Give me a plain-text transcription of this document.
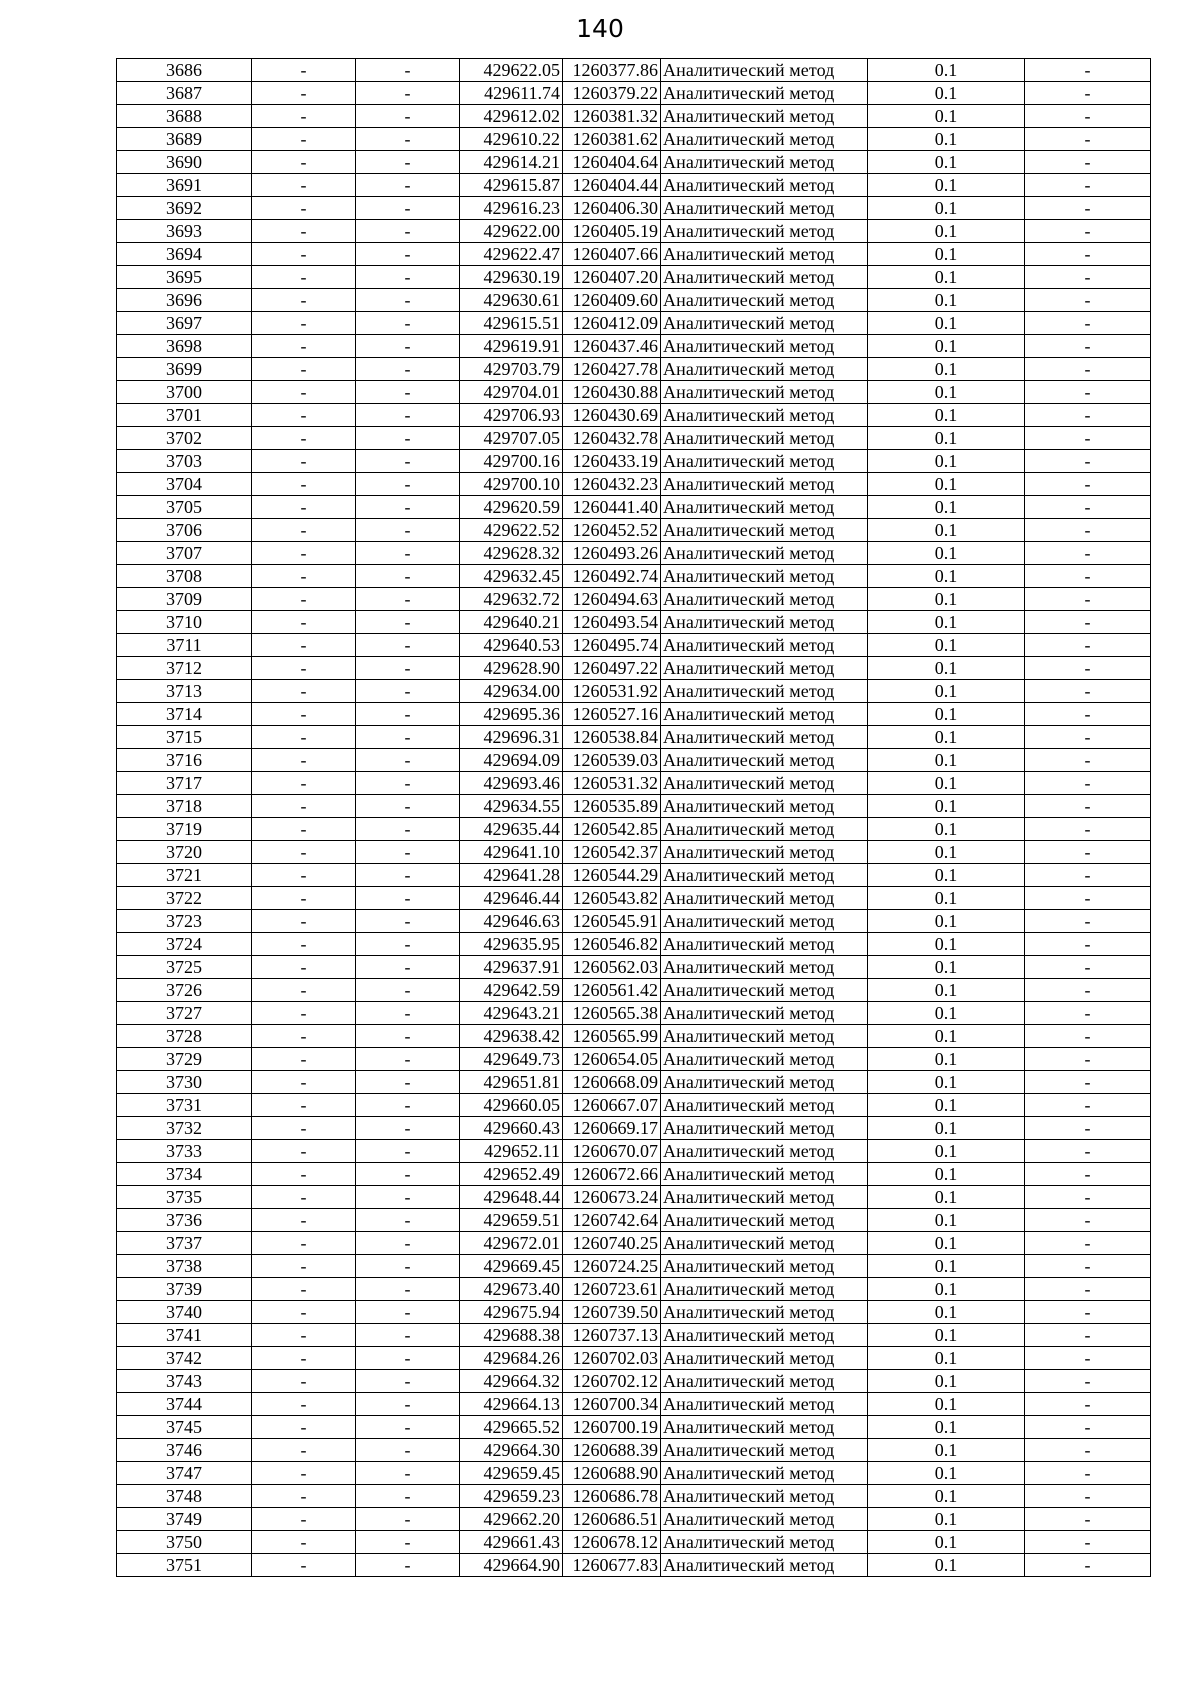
140
3686	-	-	429622.05	1260377.86	Аналитический метод	0.1	-
3687	-	-	429611.74	1260379.22	Аналитический метод	0.1	-
3688	-	-	429612.02	1260381.32	Аналитический метод	0.1	-
3689	-	-	429610.22	1260381.62	Аналитический метод	0.1	-
3690	-	-	429614.21	1260404.64	Аналитический метод	0.1	-
3691	-	-	429615.87	1260404.44	Аналитический метод	0.1	-
3692	-	-	429616.23	1260406.30	Аналитический метод	0.1	-
3693	-	-	429622.00	1260405.19	Аналитический метод	0.1	-
3694	-	-	429622.47	1260407.66	Аналитический метод	0.1	-
3695	-	-	429630.19	1260407.20	Аналитический метод	0.1	-
3696	-	-	429630.61	1260409.60	Аналитический метод	0.1	-
3697	-	-	429615.51	1260412.09	Аналитический метод	0.1	-
3698	-	-	429619.91	1260437.46	Аналитический метод	0.1	-
3699	-	-	429703.79	1260427.78	Аналитический метод	0.1	-
3700	-	-	429704.01	1260430.88	Аналитический метод	0.1	-
3701	-	-	429706.93	1260430.69	Аналитический метод	0.1	-
3702	-	-	429707.05	1260432.78	Аналитический метод	0.1	-
3703	-	-	429700.16	1260433.19	Аналитический метод	0.1	-
3704	-	-	429700.10	1260432.23	Аналитический метод	0.1	-
3705	-	-	429620.59	1260441.40	Аналитический метод	0.1	-
3706	-	-	429622.52	1260452.52	Аналитический метод	0.1	-
3707	-	-	429628.32	1260493.26	Аналитический метод	0.1	-
3708	-	-	429632.45	1260492.74	Аналитический метод	0.1	-
3709	-	-	429632.72	1260494.63	Аналитический метод	0.1	-
3710	-	-	429640.21	1260493.54	Аналитический метод	0.1	-
3711	-	-	429640.53	1260495.74	Аналитический метод	0.1	-
3712	-	-	429628.90	1260497.22	Аналитический метод	0.1	-
3713	-	-	429634.00	1260531.92	Аналитический метод	0.1	-
3714	-	-	429695.36	1260527.16	Аналитический метод	0.1	-
3715	-	-	429696.31	1260538.84	Аналитический метод	0.1	-
3716	-	-	429694.09	1260539.03	Аналитический метод	0.1	-
3717	-	-	429693.46	1260531.32	Аналитический метод	0.1	-
3718	-	-	429634.55	1260535.89	Аналитический метод	0.1	-
3719	-	-	429635.44	1260542.85	Аналитический метод	0.1	-
3720	-	-	429641.10	1260542.37	Аналитический метод	0.1	-
3721	-	-	429641.28	1260544.29	Аналитический метод	0.1	-
3722	-	-	429646.44	1260543.82	Аналитический метод	0.1	-
3723	-	-	429646.63	1260545.91	Аналитический метод	0.1	-
3724	-	-	429635.95	1260546.82	Аналитический метод	0.1	-
3725	-	-	429637.91	1260562.03	Аналитический метод	0.1	-
3726	-	-	429642.59	1260561.42	Аналитический метод	0.1	-
3727	-	-	429643.21	1260565.38	Аналитический метод	0.1	-
3728	-	-	429638.42	1260565.99	Аналитический метод	0.1	-
3729	-	-	429649.73	1260654.05	Аналитический метод	0.1	-
3730	-	-	429651.81	1260668.09	Аналитический метод	0.1	-
3731	-	-	429660.05	1260667.07	Аналитический метод	0.1	-
3732	-	-	429660.43	1260669.17	Аналитический метод	0.1	-
3733	-	-	429652.11	1260670.07	Аналитический метод	0.1	-
3734	-	-	429652.49	1260672.66	Аналитический метод	0.1	-
3735	-	-	429648.44	1260673.24	Аналитический метод	0.1	-
3736	-	-	429659.51	1260742.64	Аналитический метод	0.1	-
3737	-	-	429672.01	1260740.25	Аналитический метод	0.1	-
3738	-	-	429669.45	1260724.25	Аналитический метод	0.1	-
3739	-	-	429673.40	1260723.61	Аналитический метод	0.1	-
3740	-	-	429675.94	1260739.50	Аналитический метод	0.1	-
3741	-	-	429688.38	1260737.13	Аналитический метод	0.1	-
3742	-	-	429684.26	1260702.03	Аналитический метод	0.1	-
3743	-	-	429664.32	1260702.12	Аналитический метод	0.1	-
3744	-	-	429664.13	1260700.34	Аналитический метод	0.1	-
3745	-	-	429665.52	1260700.19	Аналитический метод	0.1	-
3746	-	-	429664.30	1260688.39	Аналитический метод	0.1	-
3747	-	-	429659.45	1260688.90	Аналитический метод	0.1	-
3748	-	-	429659.23	1260686.78	Аналитический метод	0.1	-
3749	-	-	429662.20	1260686.51	Аналитический метод	0.1	-
3750	-	-	429661.43	1260678.12	Аналитический метод	0.1	-
3751	-	-	429664.90	1260677.83	Аналитический метод	0.1	-
